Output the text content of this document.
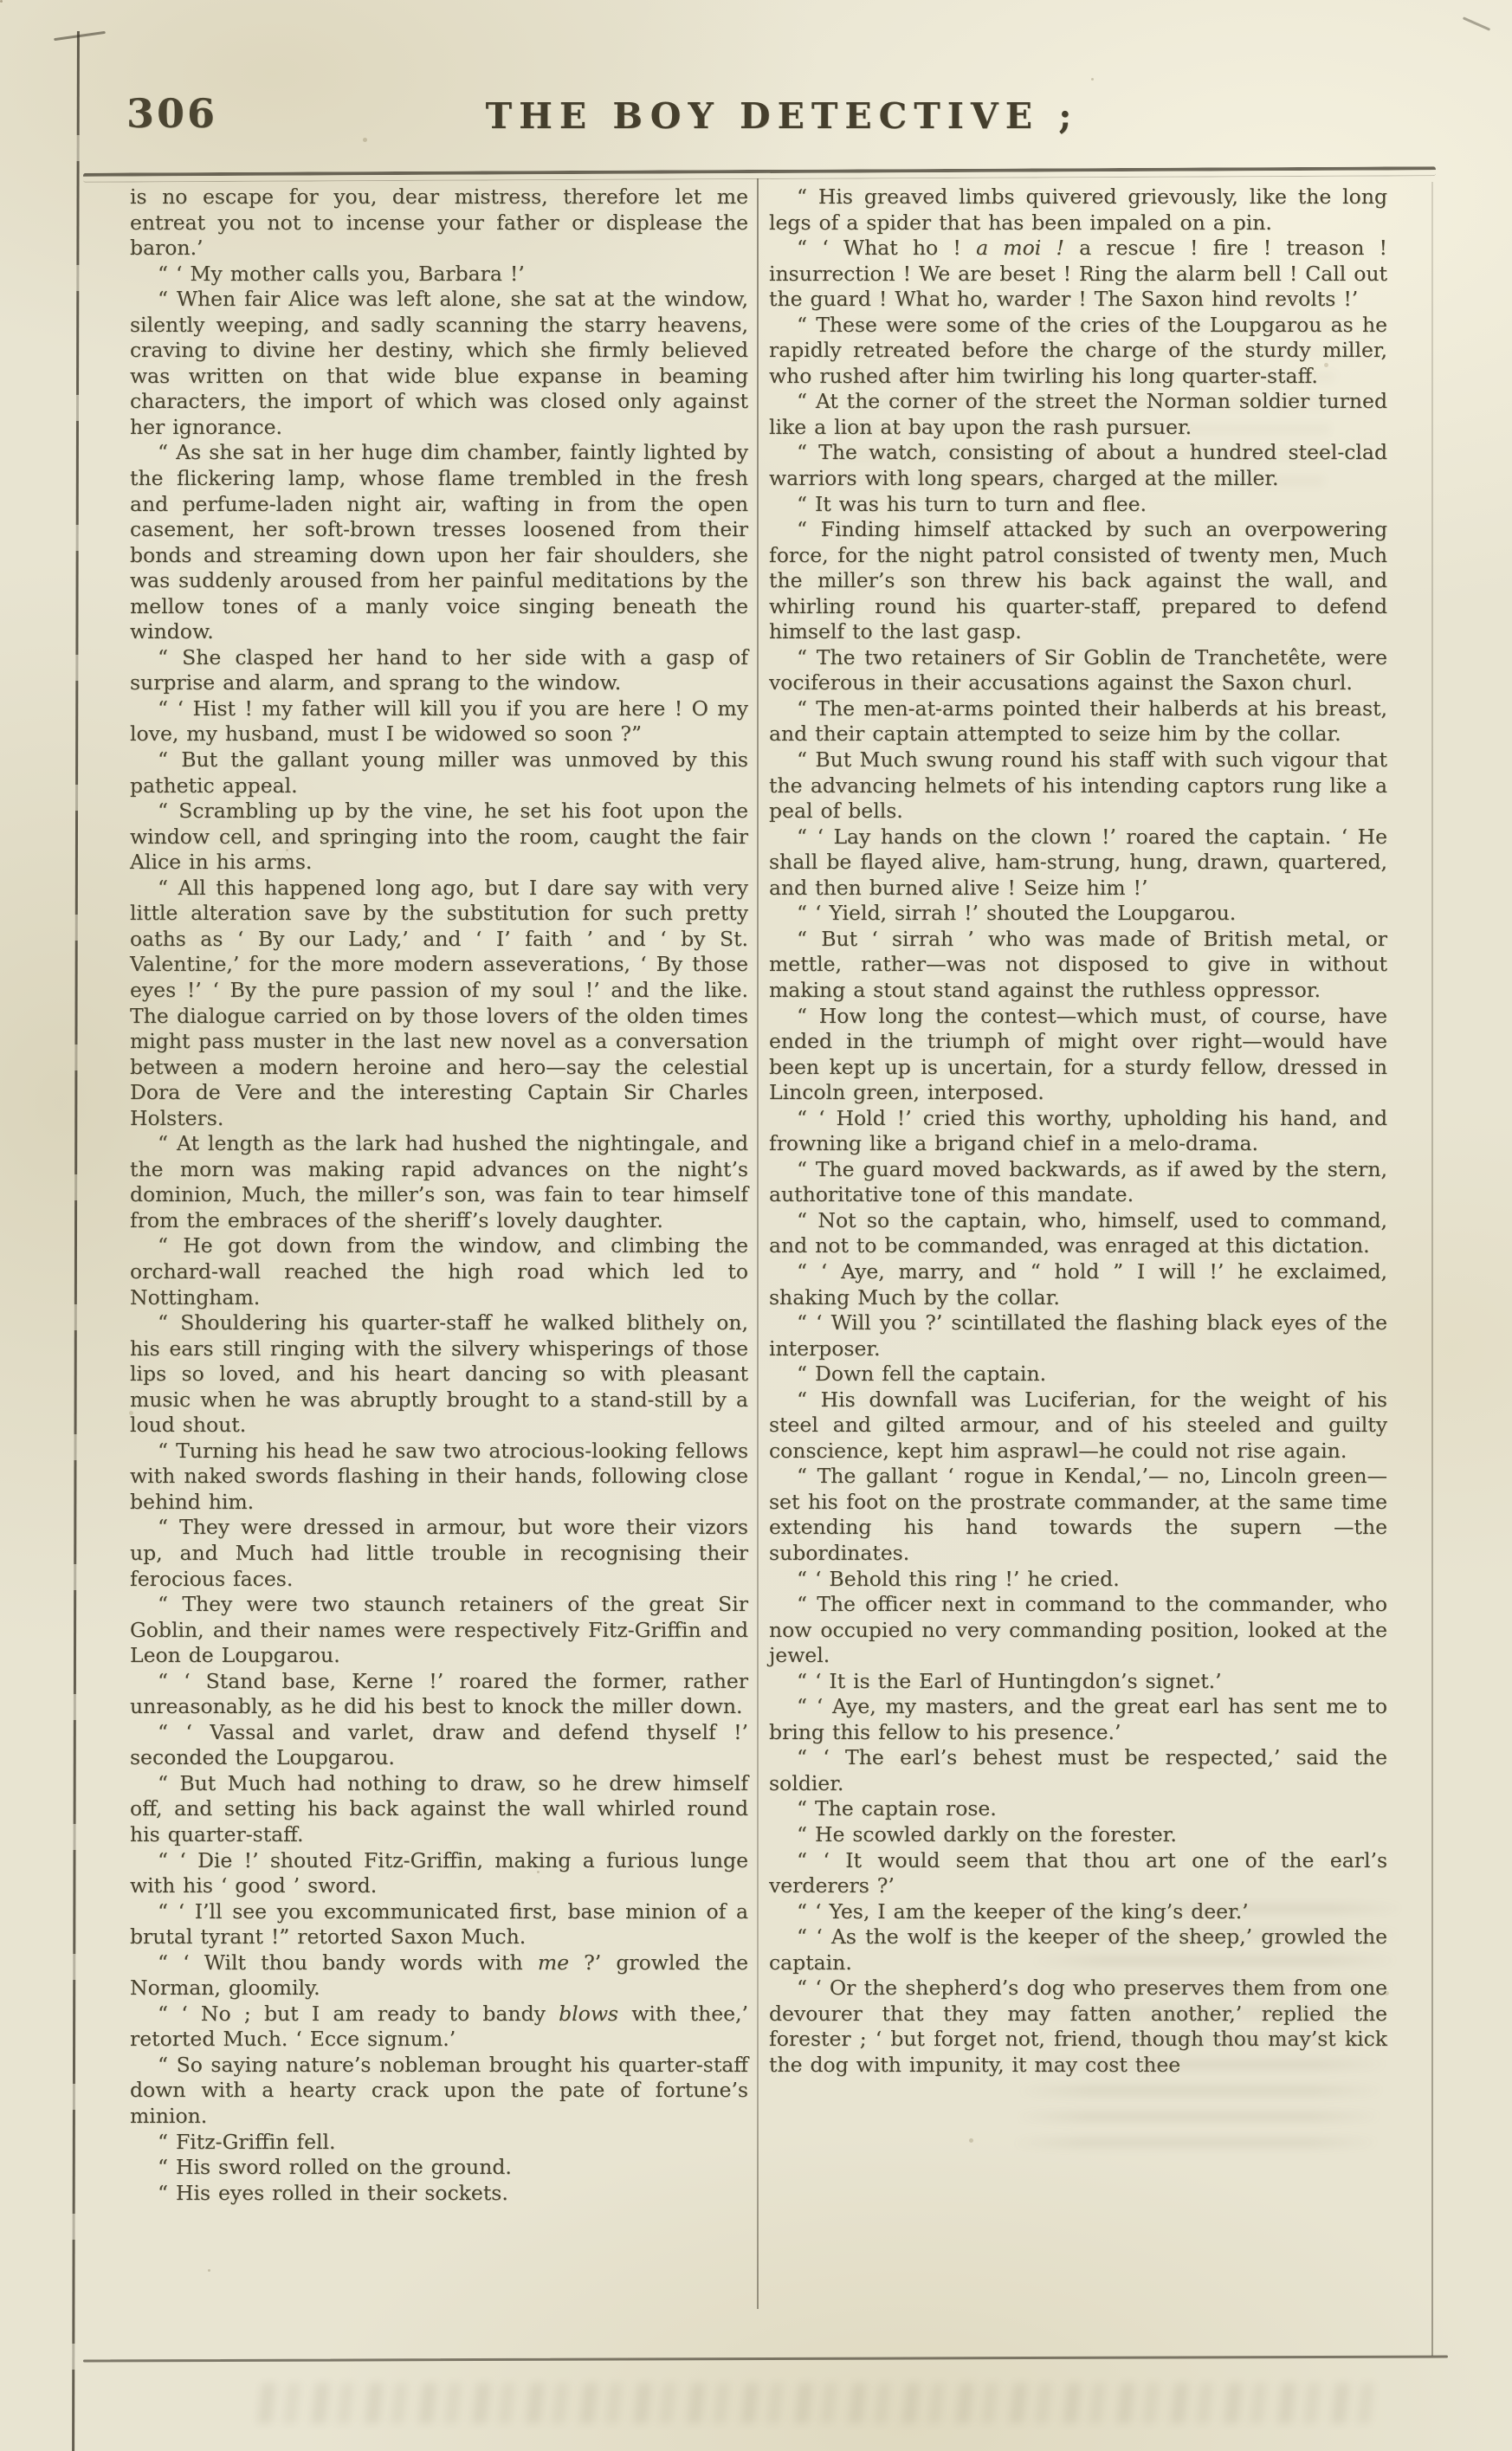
306	THE BOY DETECTIVE ;

is no escape for you, dear mistress, therefore let me entreat you not to incense your father or displease the baron.’

“ ‘ My mother calls you, Barbara !’

“ When fair Alice was left alone, she sat at the window, silently weeping, and sadly scanning the starry heavens, craving to divine her destiny, which she firmly believed was written on that wide blue expanse in beaming characters, the import of which was closed only against her ignorance.

“ As she sat in her huge dim chamber, faintly lighted by the flickering lamp, whose flame trembled in the fresh and perfume-laden night air, wafting in from the open casement, her soft-brown tresses loosened from their bonds and streaming down upon her fair shoulders, she was suddenly aroused from her painful meditations by the mellow tones of a manly voice singing beneath the window.

“ She clasped her hand to her side with a gasp of surprise and alarm, and sprang to the window.

“ ‘ Hist ! my father will kill you if you are here ! O my love, my husband, must I be widowed so soon ?”

“ But the gallant young miller was unmoved by this pathetic appeal.

“ Scrambling up by the vine, he set his foot upon the window cell, and springing into the room, caught the fair Alice in his arms.

“ All this happened long ago, but I dare say with very little alteration save by the substitution for such pretty oaths as ‘ By our Lady,’ and ‘ I’ faith ’ and ‘ by St. Valentine,’ for the more modern asseverations, ‘ By those eyes !’ ‘ By the pure passion of my soul !’ and the like. The dialogue carried on by those lovers of the olden times might pass muster in the last new novel as a conversation between a modern heroine and hero—say the celestial Dora de Vere and the interesting Captain Sir Charles Holsters.

“ At length as the lark had hushed the nightingale, and the morn was making rapid advances on the night’s dominion, Much, the miller’s son, was fain to tear himself from the embraces of the sheriff’s lovely daughter.

“ He got down from the window, and climbing the orchard-wall reached the high road which led to Nottingham.

“ Shouldering his quarter-staff he walked blithely on, his ears still ringing with the silvery whisperings of those lips so loved, and his heart dancing so with pleasant music when he was abruptly brought to a stand-still by a loud shout.

“ Turning his head he saw two atrocious-looking fellows with naked swords flashing in their hands, following close behind him.

“ They were dressed in armour, but wore their vizors up, and Much had little trouble in recognising their ferocious faces.

“ They were two staunch retainers of the great Sir Goblin, and their names were respectively Fitz-Griffin and Leon de Loupgarou.

“ ‘ Stand base, Kerne !’ roared the former, rather unreasonably, as he did his best to knock the miller down.

“ ‘ Vassal and varlet, draw and defend thyself !’ seconded the Loupgarou.

“ But Much had nothing to draw, so he drew himself off, and setting his back against the wall whirled round his quarter-staff.

“ ‘ Die !’ shouted Fitz-Griffin, making a furious lunge with his ‘ good ’ sword.

“ ‘ I’ll see you excommunicated first, base minion of a brutal tyrant !” retorted Saxon Much.

“ ‘ Wilt thou bandy words with me ?’ growled the Norman, gloomily.

“ ‘ No ; but I am ready to bandy blows with thee,’ retorted Much. ‘ Ecce signum.’

“ So saying nature’s nobleman brought his quarter-staff down with a hearty crack upon the pate of fortune’s minion.

“ Fitz-Griffin fell.

“ His sword rolled on the ground.

“ His eyes rolled in their sockets.

“ His greaved limbs quivered grievously, like the long legs of a spider that has been impaled on a pin.

“ ‘ What ho ! a moi ! a rescue ! fire ! treason ! insurrection ! We are beset ! Ring the alarm bell ! Call out the guard ! What ho, warder ! The Saxon hind revolts !’

“ These were some of the cries of the Loupgarou as he rapidly retreated before the charge of the sturdy miller, who rushed after him twirling his long quarter-staff.

“ At the corner of the street the Norman soldier turned like a lion at bay upon the rash pursuer.

“ The watch, consisting of about a hundred steel-clad warriors with long spears, charged at the miller.

“ It was his turn to turn and flee.

“ Finding himself attacked by such an overpowering force, for the night patrol consisted of twenty men, Much the miller’s son threw his back against the wall, and whirling round his quarter-staff, prepared to defend himself to the last gasp.

“ The two retainers of Sir Goblin de Tranchetête, were vociferous in their accusations against the Saxon churl.

“ The men-at-arms pointed their halberds at his breast, and their captain attempted to seize him by the collar.

“ But Much swung round his staff with such vigour that the advancing helmets of his intending captors rung like a peal of bells.

“ ‘ Lay hands on the clown !’ roared the captain. ‘ He shall be flayed alive, ham-strung, hung, drawn, quartered, and then burned alive ! Seize him !’

“ ‘ Yield, sirrah !’ shouted the Loupgarou.

“ But ‘ sirrah ’ who was made of British metal, or mettle, rather—was not disposed to give in without making a stout stand against the ruthless oppressor.

“ How long the contest—which must, of course, have ended in the triumph of might over right—would have been kept up is uncertain, for a sturdy fellow, dressed in Lincoln green, interposed.

“ ‘ Hold !’ cried this worthy, upholding his hand, and frowning like a brigand chief in a melo-drama.

“ The guard moved backwards, as if awed by the stern, authoritative tone of this mandate.

“ Not so the captain, who, himself, used to command, and not to be commanded, was enraged at this dictation.

“ ‘ Aye, marry, and “ hold ” I will !’ he exclaimed, shaking Much by the collar.

“ ‘ Will you ?’ scintillated the flashing black eyes of the interposer.

“ Down fell the captain.

“ His downfall was Luciferian, for the weight of his steel and gilted armour, and of his steeled and guilty conscience, kept him asprawl—he could not rise again.

“ The gallant ‘ rogue in Kendal,’— no, Lincoln green—set his foot on the prostrate commander, at the same time extending his hand towards the supern —the subordinates.

“ ‘ Behold this ring !’ he cried.

“ The officer next in command to the commander, who now occupied no very commanding position, looked at the jewel.

“ ‘ It is the Earl of Huntingdon’s signet.’

“ ‘ Aye, my masters, and the great earl has sent me to bring this fellow to his presence.’

“ ‘ The earl’s behest must be respected,’ said the soldier.

“ The captain rose.

“ He scowled darkly on the forester.

“ ‘ It would seem that thou art one of the earl’s verderers ?’

“ ‘ Yes, I am the keeper of the king’s deer.’

“ ‘ As the wolf is the keeper of the sheep,’ growled the captain.

“ ‘ Or the shepherd’s dog who preserves them from one devourer that they may fatten another,’ replied the forester ; ‘ but forget not, friend, though thou may’st kick the dog with impunity, it may cost thee
